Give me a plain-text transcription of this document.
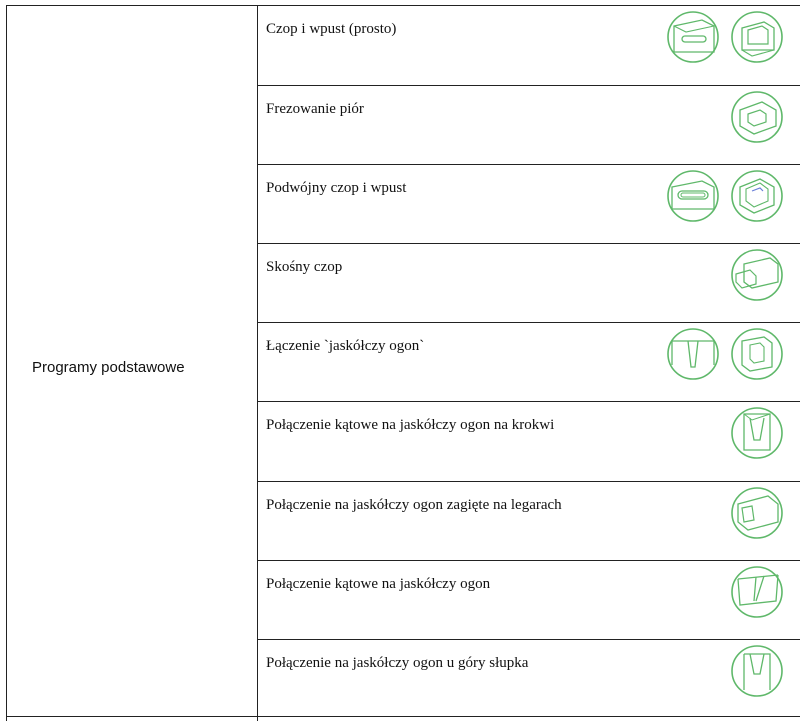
Programy podstawowe
Czop i wpust (prosto)
Frezowanie piór
Podwójny czop i wpust
Skośny czop
Łączenie `jaskółczy ogon`
Połączenie kątowe na jaskółczy ogon na krokwi
Połączenie na jaskółczy ogon zagięte na legarach
Połączenie kątowe na jaskółczy ogon
Połączenie na jaskółczy ogon u góry słupka
